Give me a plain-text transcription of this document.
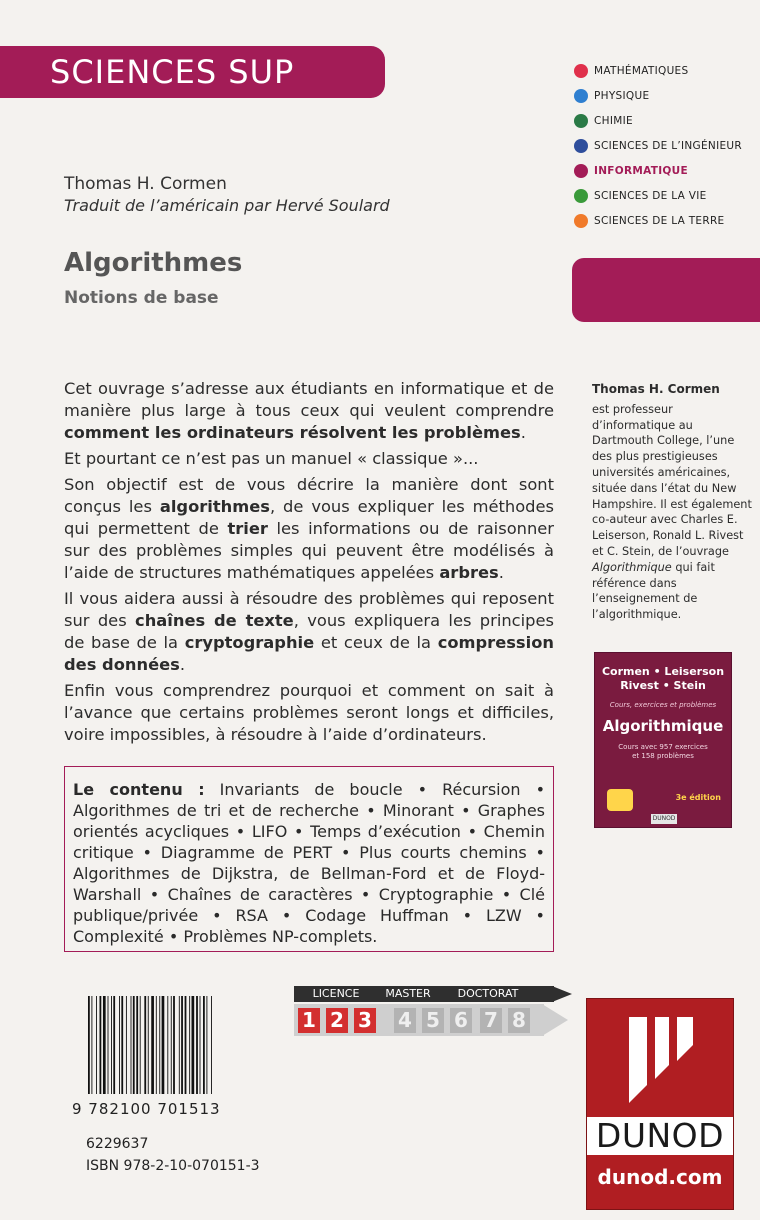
SCIENCES SUP
Thomas H. Cormen
Traduit de l’américain par Hervé Soulard
Algorithmes
Notions de base
MATHÉMATIQUES
PHYSIQUE
CHIMIE
SCIENCES DE L’INGÉNIEUR
INFORMATIQUE
SCIENCES DE LA VIE
SCIENCES DE LA TERRE

Cet ouvrage s’adresse aux étudiants en informatique et de manière plus large à tous ceux qui veulent comprendre comment les ordinateurs résolvent les problèmes.

Et pourtant ce n’est pas un manuel « classique »...

Son objectif est de vous décrire la manière dont sont conçus les algorithmes, de vous expliquer les méthodes qui permettent de trier les informations ou de raisonner sur des problèmes simples qui peuvent être modélisés à l’aide de structures mathématiques appelées arbres.

Il vous aidera aussi à résoudre des problèmes qui reposent sur des chaînes de texte, vous expliquera les principes de base de la cryptographie et ceux de la compression des données.

Enfin vous comprendrez pourquoi et comment on sait à l’avance que certains problèmes seront longs et difficiles, voire impossibles, à résoudre à l’aide d’ordinateurs.

Thomas H. Cormen
est professeur d’informatique au Dartmouth College, l’une des plus prestigieuses universités américaines, située dans l’état du New Hampshire. Il est également co-auteur avec Charles E. Leiserson, Ronald L. Rivest et C. Stein, de l’ouvrage Algorithmique qui fait référence dans l’enseignement de l’algorithmique.
Cormen • Leiserson
Rivest • Stein
Cours, exercices et problèmes
Algorithmique
Cours avec 957 exercices
et 158 problèmes
3e édition
DUNOD
Le contenu : Invariants de boucle • Récursion • Algorithmes de tri et de recherche • Minorant • Graphes orientés acycliques • LIFO • Temps d’exécution • Chemin critique • Diagramme de PERT • Plus courts chemins • Algorithmes de Dijkstra, de Bellman-Ford et de Floyd-Warshall • Chaînes de caractères • Cryptographie • Clé publique/privée • RSA • Codage Huffman • LZW • Complexité • Problèmes NP-complets.
LICENCE	MASTER	DOCTORAT
1 2 3 4 5 6 7 8
9 782100 701513
6229637
ISBN 978-2-10-070151-3
DUNOD
dunod.com
